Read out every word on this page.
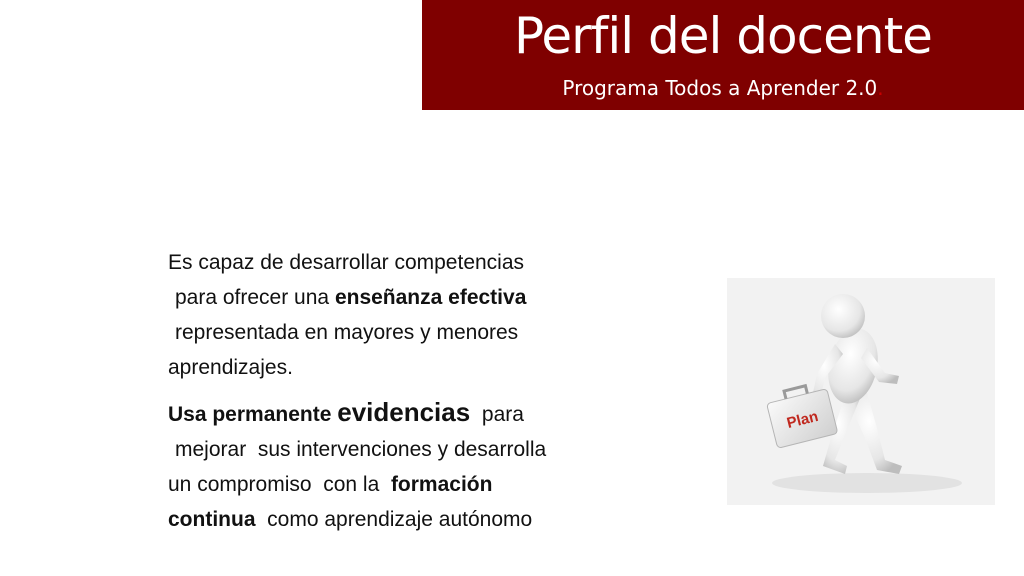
Perfil del docente
Programa Todos a Aprender 2.0.

Es capaz de desarrollar competencias
para ofrecer una enseñanza efectiva
representada en mayores y menores
aprendizajes.

Usa permanente evidencias  para
mejorar  sus intervenciones y desarrolla
un compromiso  con la  formación
continua  como aprendizaje autónomo

Plan
